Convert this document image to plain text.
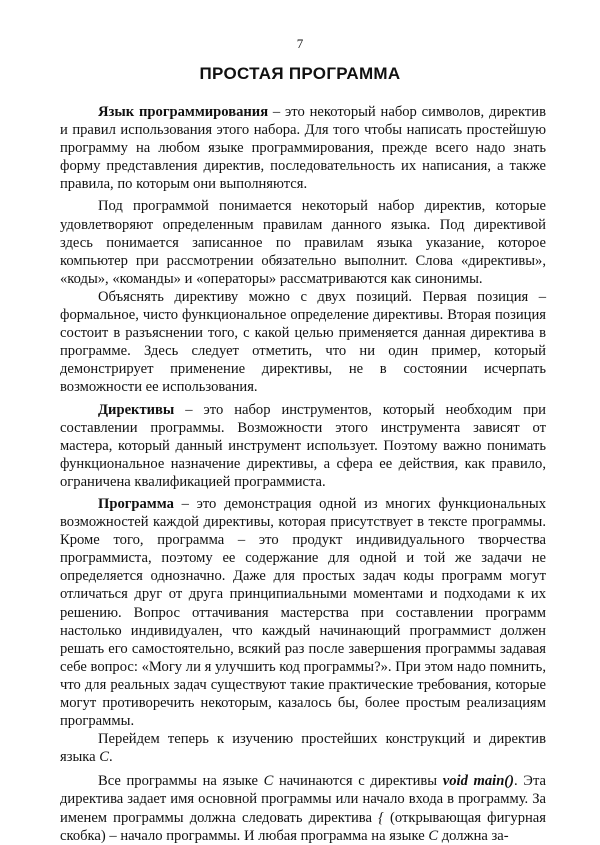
7
ПРОСТАЯ ПРОГРАММА

Язык программирования – это некоторый набор символов, директив и правил использования этого набора. Для того чтобы написать простейшую программу на любом языке программирования, прежде всего надо знать форму представления директив, последовательность их написания, а также правила, по которым они выполняются.

Под программой понимается некоторый набор директив, которые удовлетворяют определенным правилам данного языка. Под директивой здесь понимается записанное по правилам языка указание, которое компьютер при рассмотрении обязательно выполнит. Слова «директивы», «коды», «команды» и «операторы» рассматриваются как синонимы.

Объяснять директиву можно с двух позиций. Первая позиция – формальное, чисто функциональное определение директивы. Вторая позиция состоит в разъяснении того, с какой целью применяется данная директива в программе. Здесь следует отметить, что ни один пример, который демонстрирует применение директивы, не в состоянии исчерпать возможности ее использования.

Директивы – это набор инструментов, который необходим при составлении программы. Возможности этого инструмента зависят от мастера, который данный инструмент использует. Поэтому важно понимать функциональное назначение директивы, а сфера ее действия, как правило, ограничена квалификацией программиста.

Программа – это демонстрация одной из многих функциональных возможностей каждой директивы, которая присутствует в тексте программы. Кроме того, программа – это продукт индивидуального творчества программиста, поэтому ее содержание для одной и той же задачи не определяется однозначно. Даже для простых задач коды программ могут отличаться друг от друга принципиальными моментами и подходами к их решению. Вопрос оттачивания мастерства при составлении программ настолько индивидуален, что каждый начинающий программист должен решать его самостоятельно, всякий раз после завершения программы задавая себе вопрос: «Могу ли я улучшить код программы?». При этом надо помнить, что для реальных задач существуют такие практические требования, которые могут противоречить некоторым, казалось бы, более простым реализациям программы.

Перейдем теперь к изучению простейших конструкций и директив языка С.

Все программы на языке С начинаются с директивы void main(). Эта директива задает имя основной программы или начало входа в программу. За именем программы должна следовать директива { (открывающая фигурная скобка) – начало программы. И любая программа на языке С должна за-
